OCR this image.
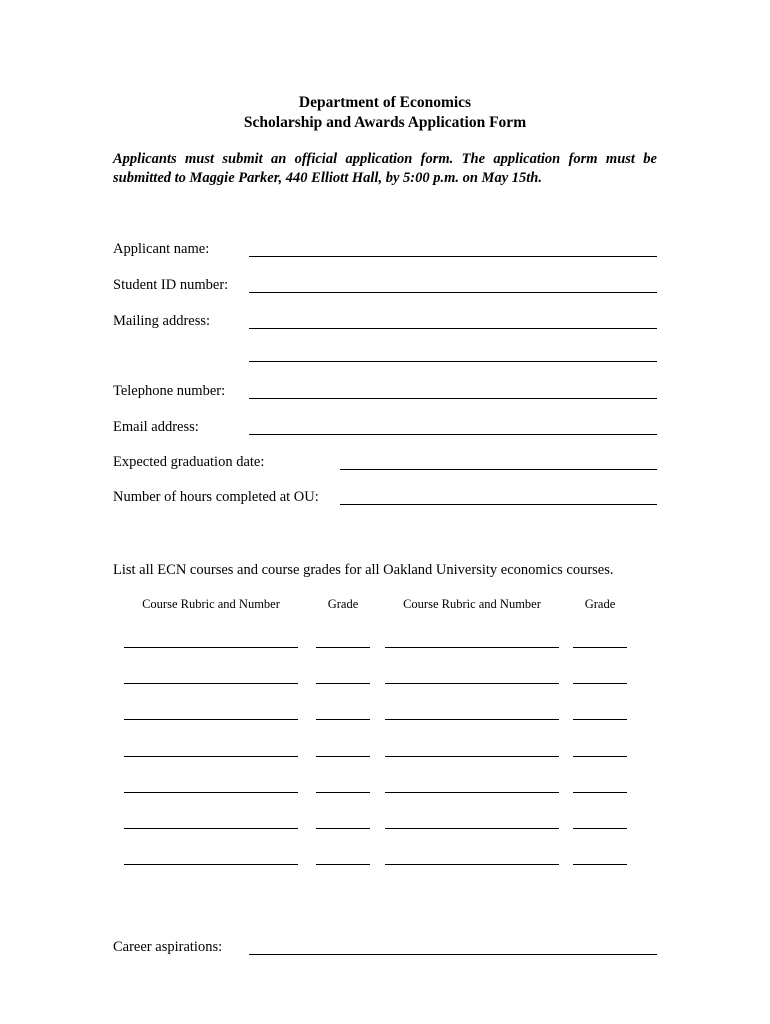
Department of Economics
Scholarship and Awards Application Form
Applicants must submit an official application form. The application form must be submitted to Maggie Parker, 440 Elliott Hall, by 5:00 p.m. on May 15th.
Applicant name:
Student ID number:
Mailing address:
Telephone number:
Email address:
Expected graduation date:
Number of hours completed at OU:
List all ECN courses and course grades for all Oakland University economics courses.
Course Rubric and Number	Grade	Course Rubric and Number	Grade
Career aspirations:
